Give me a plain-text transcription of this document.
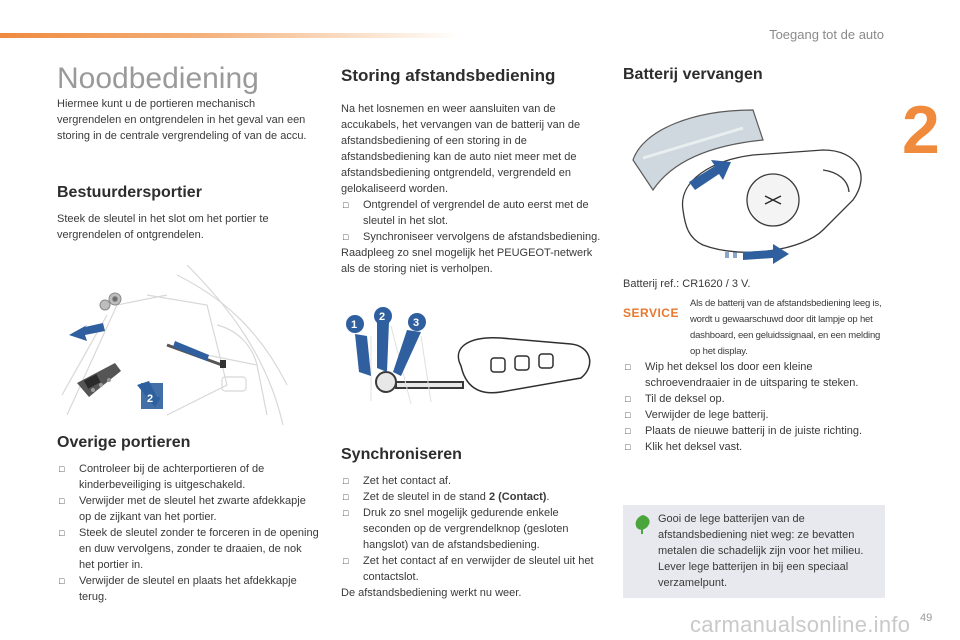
Toegang tot de auto
2
Noodbediening

Hiermee kunt u de portieren mechanisch vergrendelen en ontgrendelen in het geval van een storing in de centrale vergrendeling of van de accu.

Bestuurdersportier

Steek de sleutel in het slot om het portier te vergrendelen of ontgrendelen.

2
Overige portieren
□ Controleer bij de achterportieren of de kinderbeveiliging is uitgeschakeld.
□ Verwijder met de sleutel het zwarte afdekkapje op de zijkant van het portier.
□ Steek de sleutel zonder te forceren in de opening en duw vervolgens, zonder te draaien, de nok het portier in.
□ Verwijder de sleutel en plaats het afdekkapje terug.
Storing afstandsbediening

Na het losnemen en weer aansluiten van de accukabels, het vervangen van de batterij van de afstandsbediening of een storing in de afstandsbediening kan de auto niet meer met de afstandsbediening ontgrendeld, vergrendeld en gelokaliseerd worden.

□ Ontgrendel of vergrendel de auto eerst met de sleutel in het slot.
□ Synchroniseer vervolgens de afstandsbediening.

Raadpleeg zo snel mogelijk het PEUGEOT-netwerk als de storing niet is verholpen.

1
2	3
Synchroniseren
□ Zet het contact af.
□ Zet de sleutel in de stand 2 (Contact).
□ Druk zo snel mogelijk gedurende enkele seconden op de vergrendelknop (gesloten hangslot) van de afstandsbediening.
□ Zet het contact af en verwijder de sleutel uit het contactslot.

De afstandsbediening werkt nu weer.

Batterij vervangen

Batterij ref.: CR1620 / 3 V.

SERVICE
Als de batterij van de afstandsbediening leeg is, wordt u gewaarschuwd door dit lampje op het dashboard, een geluidssignaal, en een melding op het display.
□ Wip het deksel los door een kleine schroevendraaier in de uitsparing te steken.
□ Til de deksel op.
□ Verwijder de lege batterij.
□ Plaats de nieuwe batterij in de juiste richting.
□ Klik het deksel vast.
Gooi de lege batterijen van de afstandsbediening niet weg: ze bevatten metalen die schadelijk zijn voor het milieu. Lever lege batterijen in bij een speciaal verzamelpunt.
carmanualsonline.info 49
